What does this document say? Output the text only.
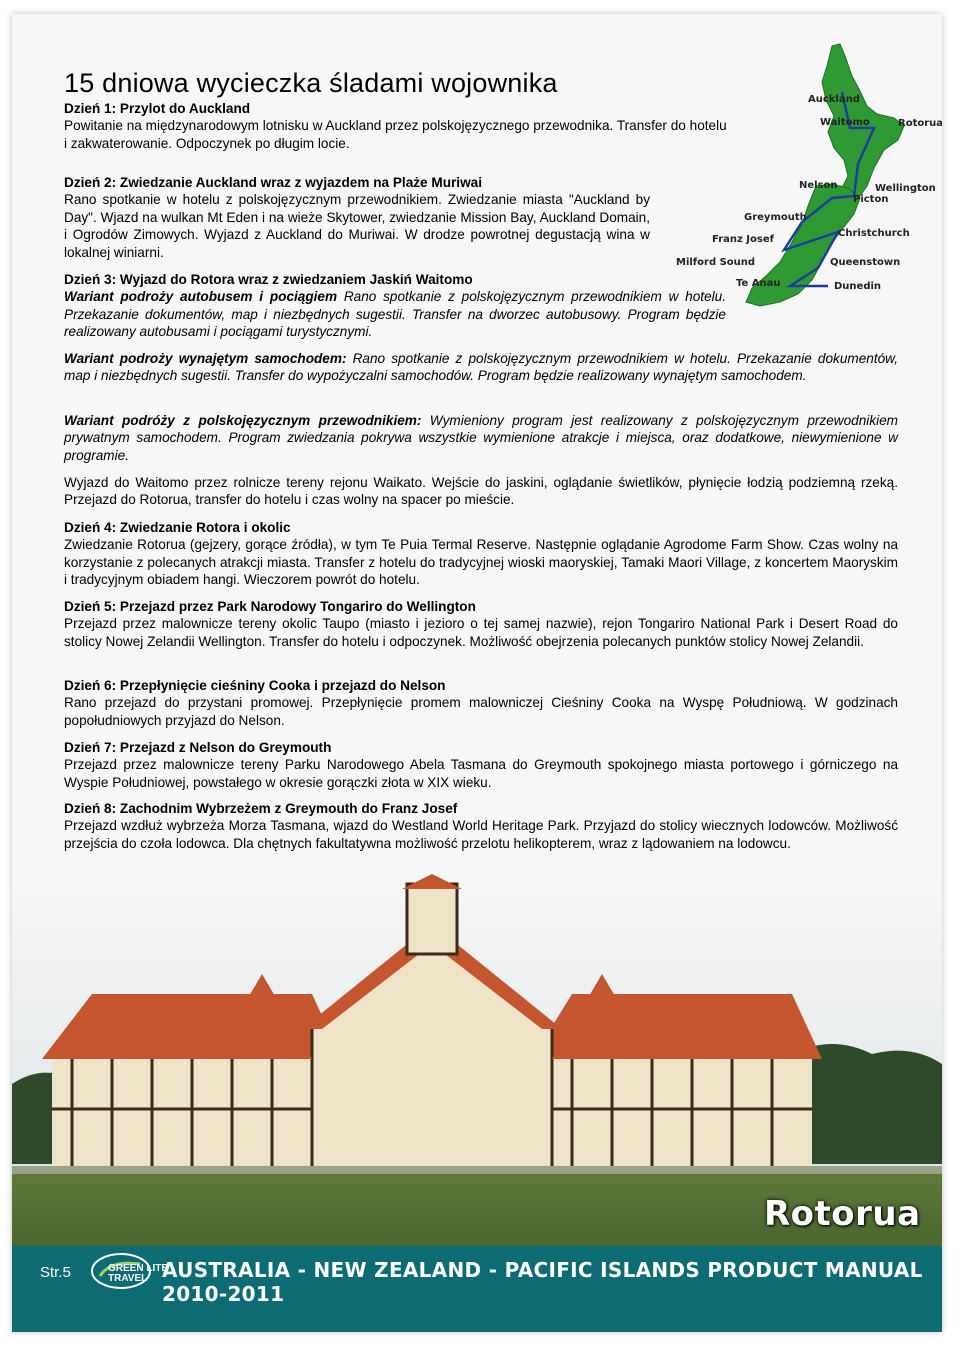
Auckland
Waitomo	Rotorua
Nelson	Wellington
Picton
Greymouth
Franz Josef
Christchurch
Milford Sound	Queenstown
Te Anau	Dunedin
15 dniowa wycieczka śladami wojownika

Dzień 1: Przylot do Auckland

Powitanie na międzynarodowym lotnisku w Auckland przez polskojęzycznego przewodnika. Transfer do hotelu

i zakwaterowanie. Odpoczynek po długim locie.

Dzień 2: Zwiedzanie Auckland wraz z wyjazdem na Plaże Muriwai

Rano spotkanie w hotelu z polskojęzycznym przewodnikiem. Zwiedzanie miasta "Auckland by Day". Wjazd na wulkan Mt Eden i na wieże Skytower, zwiedzanie Mission Bay, Auckland Domain, i Ogrodów Zimowych. Wyjazd z Auckland do Muriwai. W drodze powrotnej degustacją wina w lokalnej winiarni.

Dzień 3: Wyjazd do Rotora wraz z zwiedzaniem Jaskiń Waitomo

Wariant podroży autobusem i pociągiem Rano spotkanie z polskojęzycznym przewodnikiem w hotelu. Przekazanie dokumentów, map i niezbędnych sugestii. Transfer na dworzec autobusowy. Program będzie realizowany autobusami i pociągami turystycznymi.

Wariant podroży wynajętym samochodem: Rano spotkanie z polskojęzycznym przewodnikiem w hotelu. Przekazanie dokumentów, map i niezbędnych sugestii. Transfer do wypożyczalni samochodów. Program będzie realizowany wynajętym samochodem.

Wariant podróży z polskojęzycznym przewodnikiem: Wymieniony program jest realizowany z polskojęzycznym przewodnikiem prywatnym samochodem. Program zwiedzania pokrywa wszystkie wymienione atrakcje i miejsca, oraz dodatkowe, niewymienione w programie.

Wyjazd do Waitomo przez rolnicze tereny rejonu Waikato. Wejście do jaskini, oglądanie świetlików, płynięcie łodzią podziemną rzeką. Przejazd do Rotorua, transfer do hotelu i czas wolny na spacer po mieście.

Dzień 4: Zwiedzanie Rotora i okolic

Zwiedzanie Rotorua (gejzery, gorące źródła), w tym Te Puia Termal Reserve. Następnie oglądanie Agrodome Farm Show. Czas wolny na korzystanie z polecanych atrakcji miasta. Transfer z hotelu do tradycyjnej wioski maoryskiej, Tamaki Maori Village, z koncertem Maoryskim i tradycyjnym obiadem hangi. Wieczorem powrót do hotelu.

Dzień 5: Przejazd przez Park Narodowy Tongariro do Wellington

Przejazd przez malownicze tereny okolic Taupo (miasto i jezioro o tej samej nazwie), rejon Tongariro National Park i Desert Road do stolicy Nowej Zelandii Wellington. Transfer do hotelu i odpoczynek. Możliwość obejrzenia polecanych punktów stolicy Nowej Zelandii.

Dzień 6: Przepłynięcie cieśniny Cooka i przejazd do Nelson

Rano przejazd do przystani promowej. Przepłynięcie promem malowniczej Cieśniny Cooka na Wyspę Południową. W godzinach popołudniowych przyjazd do Nelson.

Dzień 7: Przejazd z Nelson do Greymouth

Przejazd przez malownicze tereny Parku Narodowego Abela Tasmana do Greymouth spokojnego miasta portowego i górniczego na Wyspie Południowej, powstałego w okresie gorączki złota w XIX wieku.

Dzień 8: Zachodnim Wybrzeżem z Greymouth do Franz Josef

Przejazd wzdłuż wybrzeża Morza Tasmana, wjazd do Westland World Heritage Park. Przyjazd do stolicy wiecznych lodowców. Możliwość przejścia do czoła lodowca. Dla chętnych fakultatywna możliwość przelotu helikopterem, wraz z lądowaniem na lodowcu.

Rotorua
Str.5	GREEN LITE TRAVEL AUSTRALIA - NEW ZEALAND - PACIFIC ISLANDS PRODUCT MANUAL 2010-2011
